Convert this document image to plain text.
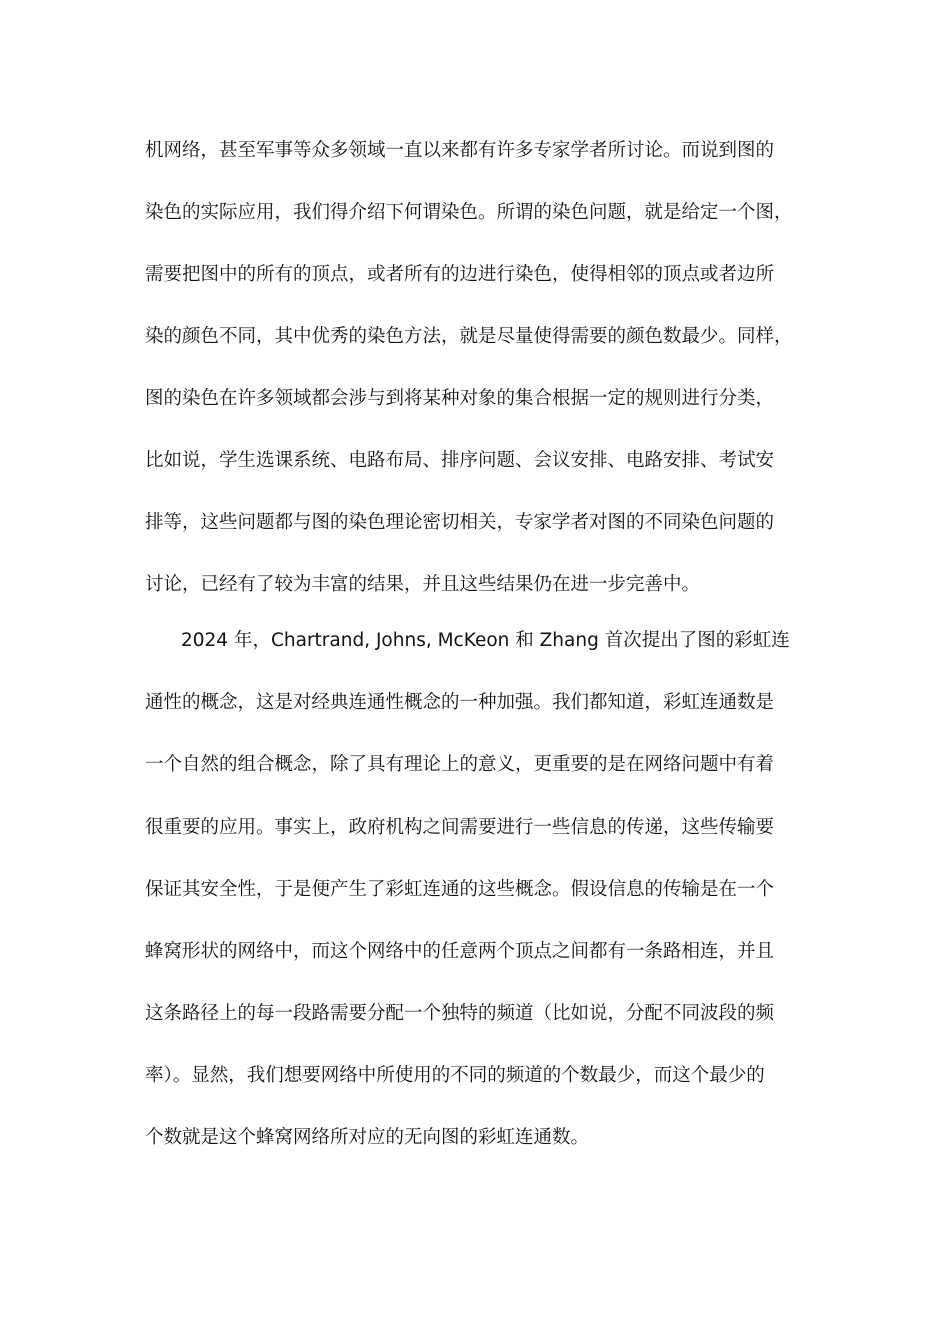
机网络，甚至军事等众多领域一直以来都有许多专家学者所讨论。而说到图的
染色的实际应用，我们得介绍下何谓染色。所谓的染色问题，就是给定一个图，
需要把图中的所有的顶点，或者所有的边进行染色，使得相邻的顶点或者边所
染的颜色不同，其中优秀的染色方法，就是尽量使得需要的颜色数最少。同样，
图的染色在许多领域都会涉与到将某种对象的集合根据一定的规则进行分类，
比如说，学生选课系统、电路布局、排序问题、会议安排、电路安排、考试安
排等，这些问题都与图的染色理论密切相关，专家学者对图的不同染色问题的
讨论，已经有了较为丰富的结果，并且这些结果仍在进一步完善中。
2024 年，Chartrand, Johns, McKeon 和 Zhang 首次提出了图的彩虹连
通性的概念，这是对经典连通性概念的一种加强。我们都知道，彩虹连通数是
一个自然的组合概念，除了具有理论上的意义，更重要的是在网络问题中有着
很重要的应用。事实上，政府机构之间需要进行一些信息的传递，这些传输要
保证其安全性，于是便产生了彩虹连通的这些概念。假设信息的传输是在一个
蜂窝形状的网络中，而这个网络中的任意两个顶点之间都有一条路相连，并且
这条路径上的每一段路需要分配一个独特的频道（比如说，分配不同波段的频
率）。显然，我们想要网络中所使用的不同的频道的个数最少，而这个最少的
个数就是这个蜂窝网络所对应的无向图的彩虹连通数。
